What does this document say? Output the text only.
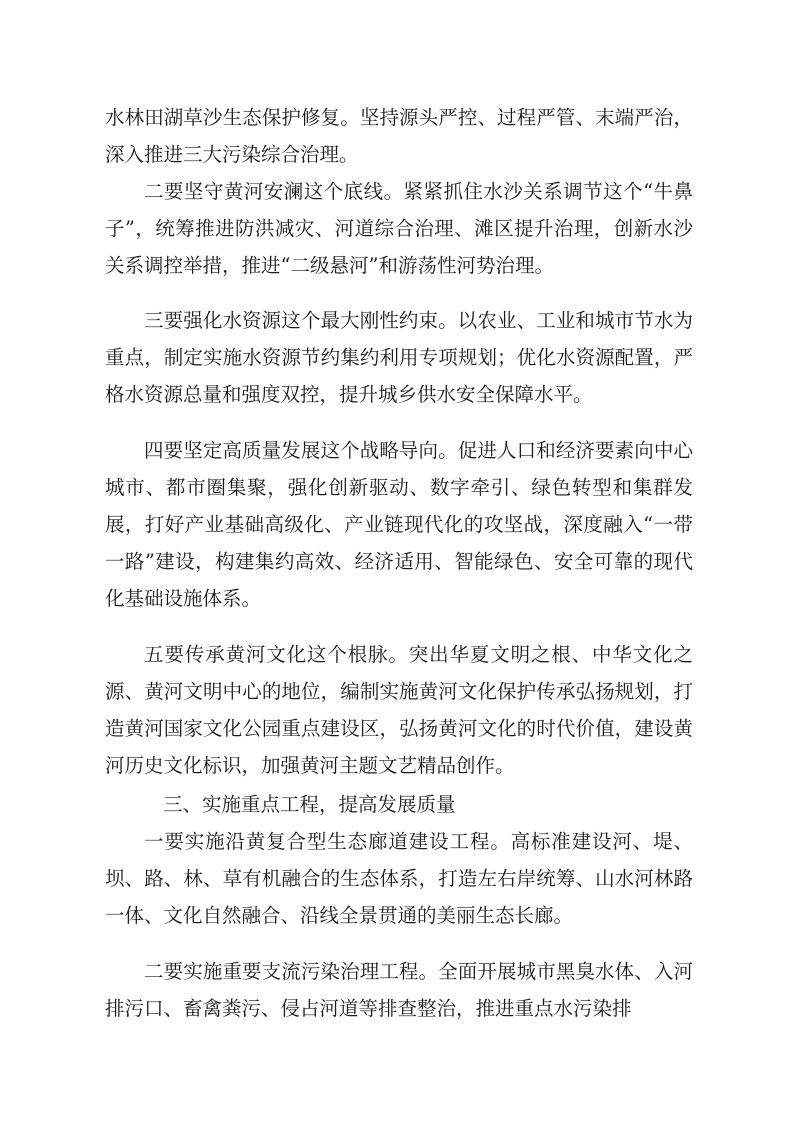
水林田湖草沙生态保护修复。坚持源头严控、过程严管、末端严治，深入推进三大污染综合治理。

二要坚守黄河安澜这个底线。紧紧抓住水沙关系调节这个“牛鼻子”，统筹推进防洪减灾、河道综合治理、滩区提升治理，创新水沙关系调控举措，推进“二级悬河”和游荡性河势治理。

三要强化水资源这个最大刚性约束。以农业、工业和城市节水为重点，制定实施水资源节约集约利用专项规划；优化水资源配置，严格水资源总量和强度双控，提升城乡供水安全保障水平。

四要坚定高质量发展这个战略导向。促进人口和经济要素向中心城市、都市圈集聚，强化创新驱动、数字牵引、绿色转型和集群发展，打好产业基础高级化、产业链现代化的攻坚战，深度融入“一带一路”建设，构建集约高效、经济适用、智能绿色、安全可靠的现代化基础设施体系。

五要传承黄河文化这个根脉。突出华夏文明之根、中华文化之源、黄河文明中心的地位，编制实施黄河文化保护传承弘扬规划，打造黄河国家文化公园重点建设区，弘扬黄河文化的时代价值，建设黄河历史文化标识，加强黄河主题文艺精品创作。

三、实施重点工程，提高发展质量

一要实施沿黄复合型生态廊道建设工程。高标准建设河、堤、坝、路、林、草有机融合的生态体系，打造左右岸统筹、山水河林路一体、文化自然融合、沿线全景贯通的美丽生态长廊。

二要实施重要支流污染治理工程。全面开展城市黑臭水体、入河排污口、畜禽粪污、侵占河道等排查整治，推进重点水污染排
